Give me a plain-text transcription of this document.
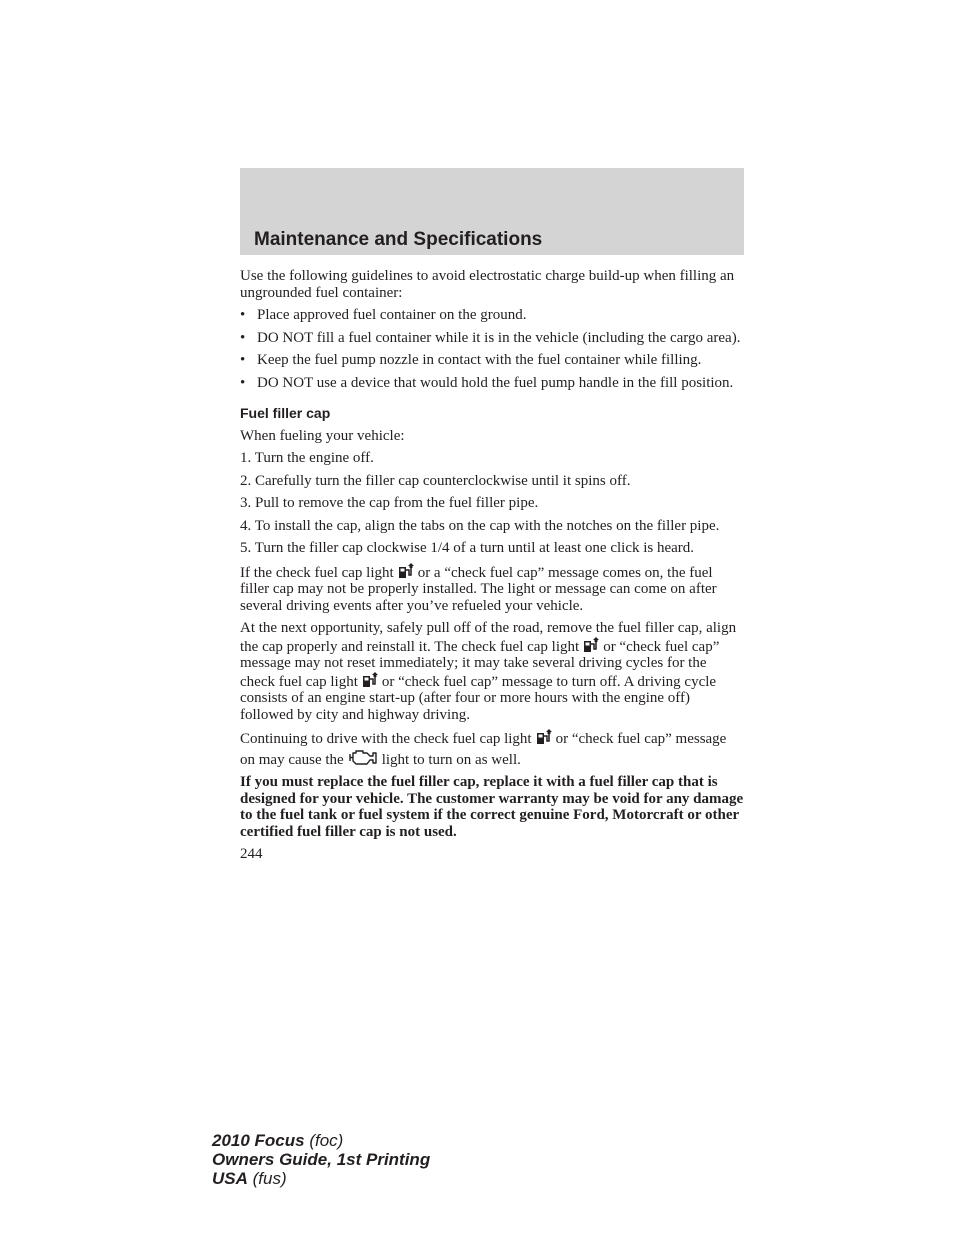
Maintenance and Specifications

Use the following guidelines to avoid electrostatic charge build-up when filling an ungrounded fuel container:

• Place approved fuel container on the ground.
• DO NOT fill a fuel container while it is in the vehicle (including the cargo area).
• Keep the fuel pump nozzle in contact with the fuel container while filling.
• DO NOT use a device that would hold the fuel pump handle in the fill position.
Fuel filler cap

When fueling your vehicle:

1. Turn the engine off.

2. Carefully turn the filler cap counterclockwise until it spins off.

3. Pull to remove the cap from the fuel filler pipe.

4. To install the cap, align the tabs on the cap with the notches on the filler pipe.

5. Turn the filler cap clockwise 1/4 of a turn until at least one click is heard.

If the check fuel cap light or a “check fuel cap” message comes on, the fuel filler cap may not be properly installed. The light or message can come on after several driving events after you’ve refueled your vehicle.

At the next opportunity, safely pull off of the road, remove the fuel filler cap, align the cap properly and reinstall it. The check fuel cap light or “check fuel cap” message may not reset immediately; it may take several driving cycles for the check fuel cap light or “check fuel cap” message to turn off. A driving cycle consists of an engine start-up (after four or more hours with the engine off) followed by city and highway driving.

Continuing to drive with the check fuel cap light or “check fuel cap” message on may cause the	light to turn on as well.

If you must replace the fuel filler cap, replace it with a fuel filler cap that is designed for your vehicle. The customer warranty may be void for any damage to the fuel tank or fuel system if the correct genuine Ford, Motorcraft or other certified fuel filler cap is not used.

244

2010 Focus (foc)
Owners Guide, 1st Printing
USA (fus)
